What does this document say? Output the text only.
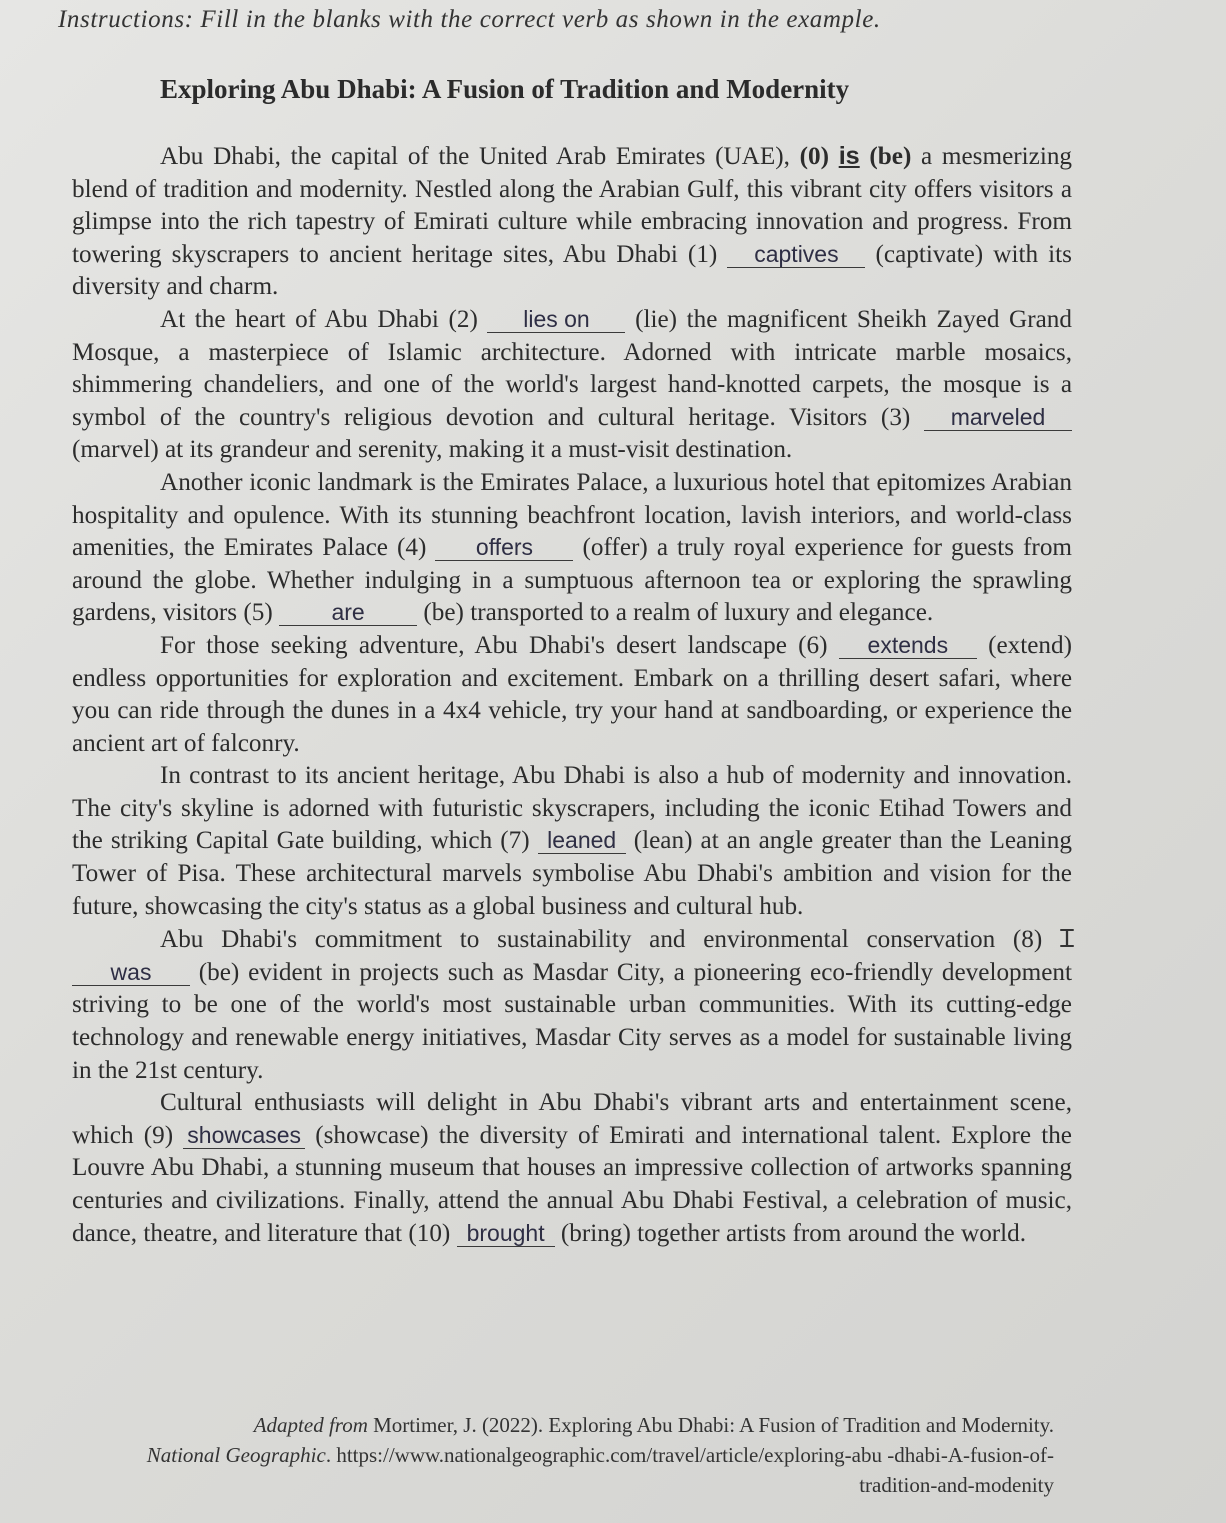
Instructions: Fill in the blanks with the correct verb as shown in the example.
Exploring Abu Dhabi: A Fusion of Tradition and Modernity

Abu Dhabi, the capital of the United Arab Emirates (UAE), (0) is (be) a mesmerizing blend of tradition and modernity. Nestled along the Arabian Gulf, this vibrant city offers visitors a glimpse into the rich tapestry of Emirati culture while embracing innovation and progress. From towering skyscrapers to ancient heritage sites, Abu Dhabi (1) captives (captivate) with its diversity and charm.

At the heart of Abu Dhabi (2) lies on (lie) the magnificent Sheikh Zayed Grand Mosque, a masterpiece of Islamic architecture. Adorned with intricate marble mosaics, shimmering chandeliers, and one of the world's largest hand-knotted carpets, the mosque is a symbol of the country's religious devotion and cultural heritage. Visitors (3) marveled (marvel) at its grandeur and serenity, making it a must-visit destination.

Another iconic landmark is the Emirates Palace, a luxurious hotel that epitomizes Arabian hospitality and opulence. With its stunning beachfront location, lavish interiors, and world-class amenities, the Emirates Palace (4) offers (offer) a truly royal experience for guests from around the globe. Whether indulging in a sumptuous afternoon tea or exploring the sprawling gardens, visitors (5) are (be) transported to a realm of luxury and elegance.

For those seeking adventure, Abu Dhabi's desert landscape (6) extends (extend) endless opportunities for exploration and excitement. Embark on a thrilling desert safari, where you can ride through the dunes in a 4x4 vehicle, try your hand at sandboarding, or experience the ancient art of falconry.

In contrast to its ancient heritage, Abu Dhabi is also a hub of modernity and innovation. The city's skyline is adorned with futuristic skyscrapers, including the iconic Etihad Towers and the striking Capital Gate building, which (7) leaned (lean) at an angle greater than the Leaning Tower of Pisa. These architectural marvels symbolise Abu Dhabi's ambition and vision for the future, showcasing the city's status as a global business and cultural hub.

Abu Dhabi's commitment to sustainability and environmental conservation (8) Ɪwas (be) evident in projects such as Masdar City, a pioneering eco-friendly development striving to be one of the world's most sustainable urban communities. With its cutting-edge technology and renewable energy initiatives, Masdar City serves as a model for sustainable living in the 21st century.

Cultural enthusiasts will delight in Abu Dhabi's vibrant arts and entertainment scene, which (9) showcases (showcase) the diversity of Emirati and international talent. Explore the Louvre Abu Dhabi, a stunning museum that houses an impressive collection of artworks spanning centuries and civilizations. Finally, attend the annual Abu Dhabi Festival, a celebration of music, dance, theatre, and literature that (10) brought (bring) together artists from around the world.

Adapted from Mortimer, J. (2022). Exploring Abu Dhabi: A Fusion of Tradition and Modernity.
National Geographic. https://www.nationalgeographic.com/travel/article/exploring-abu -dhabi-A-fusion-of-tradition-and-modenity
